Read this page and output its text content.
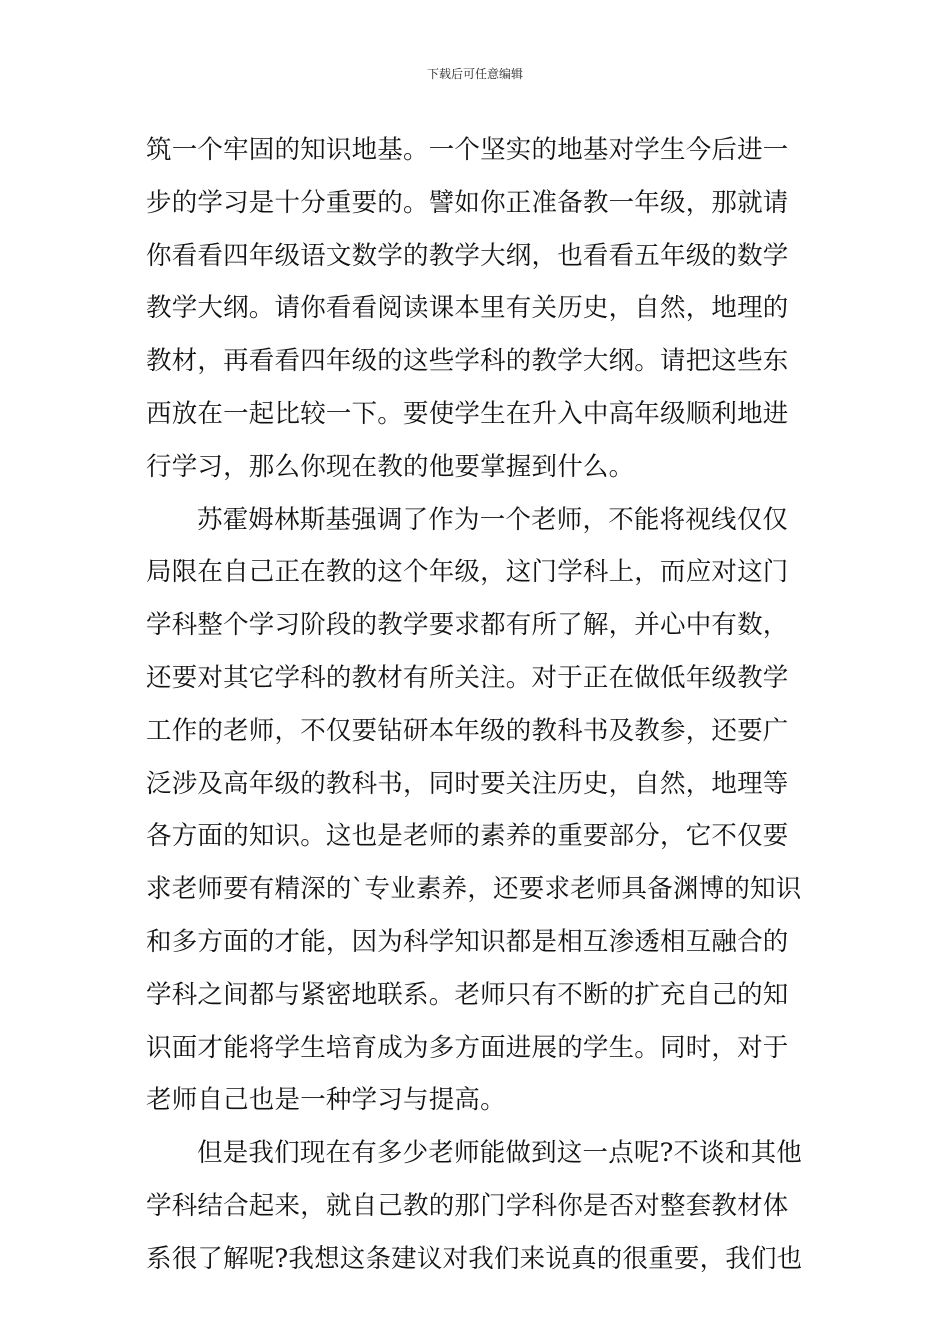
下载后可任意编辑
筑一个牢固的知识地基。一个坚实的地基对学生今后进一
步的学习是十分重要的。譬如你正准备教一年级，那就请
你看看四年级语文数学的教学大纲，也看看五年级的数学
教学大纲。请你看看阅读课本里有关历史，自然，地理的
教材，再看看四年级的这些学科的教学大纲。请把这些东
西放在一起比较一下。要使学生在升入中高年级顺利地进
行学习，那么你现在教的他要掌握到什么。
苏霍姆林斯基强调了作为一个老师，不能将视线仅仅
局限在自己正在教的这个年级，这门学科上，而应对这门
学科整个学习阶段的教学要求都有所了解，并心中有数，
还要对其它学科的教材有所关注。对于正在做低年级教学
工作的老师，不仅要钻研本年级的教科书及教参，还要广
泛涉及高年级的教科书，同时要关注历史，自然，地理等
各方面的知识。这也是老师的素养的重要部分，它不仅要
求老师要有精深的`专业素养，还要求老师具备渊博的知识
和多方面的才能，因为科学知识都是相互渗透相互融合的
学科之间都与紧密地联系。老师只有不断的扩充自己的知
识面才能将学生培育成为多方面进展的学生。同时，对于
老师自己也是一种学习与提高。
但是我们现在有多少老师能做到这一点呢?不谈和其他
学科结合起来，就自己教的那门学科你是否对整套教材体
系很了解呢?我想这条建议对我们来说真的很重要，我们也
